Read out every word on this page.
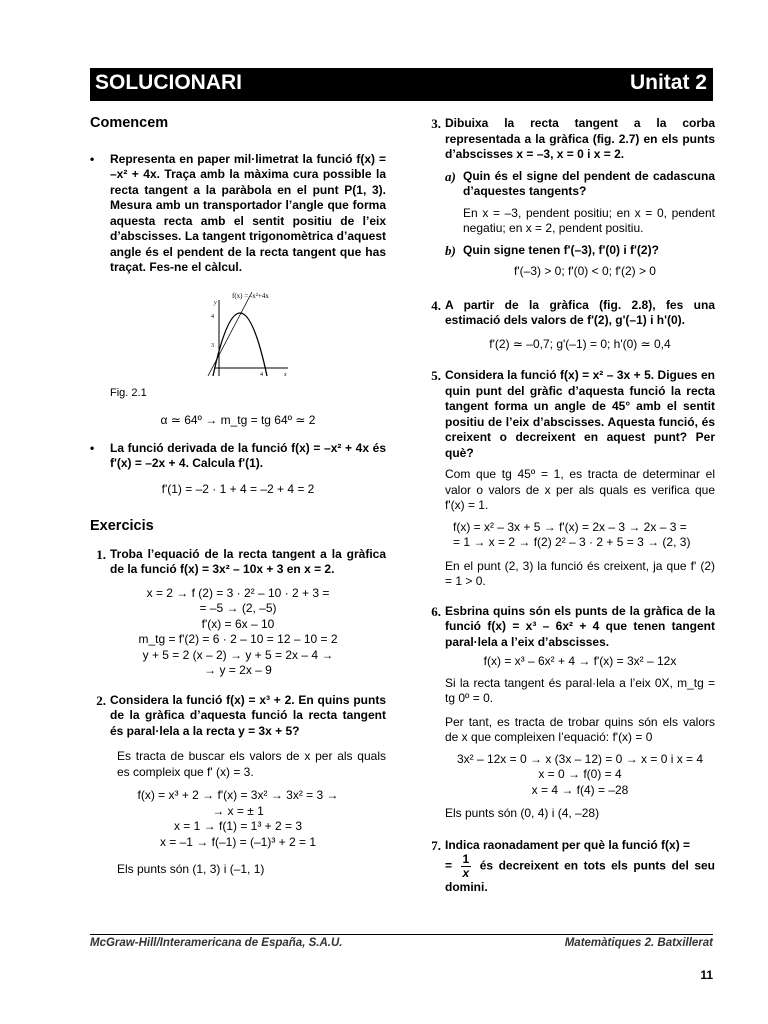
SOLUCIONARI	Unitat 2
Comencem
• Representa en paper mil·limetrat la funció f(x) = –x² + 4x. Traça amb la màxima cura possible la recta tangent a la paràbola en el punt P(1, 3). Mesura amb un transportador l’angle que forma aquesta recta amb el sentit positiu de l’eix d’abscisses. La tangent trigonomètrica d’aquest angle és el pendent de la recta tangent que has traçat. Fes-ne el càlcul.
f(x) = -x²+4x
4
3
4	x
y
Fig. 2.1
α ≃ 64º → m_tg = tg 64º ≃ 2
• La funció derivada de la funció f(x) = –x² + 4x és f'(x) = –2x + 4. Calcula f'(1).
f'(1) = –2 · 1 + 4 = –2 + 4 = 2
Exercicis
1. Troba l’equació de la recta tangent a la gràfica de la funció f(x) = 3x² – 10x + 3 en x = 2.
x = 2 → f (2) = 3 · 2² – 10 · 2 + 3 =
= –5 → (2, –5)
f'(x) = 6x – 10
m_tg = f'(2) = 6 · 2 – 10 = 12 – 10 = 2
y + 5 = 2 (x – 2) → y + 5 = 2x – 4 →
→ y = 2x – 9
2. Considera la funció f(x) = x³ + 2. En quins punts de la gràfica d’aquesta funció la recta tangent és paral·lela a la recta y = 3x + 5?
Es tracta de buscar els valors de x per als quals es compleix que f' (x) = 3.
f(x) = x³ + 2 → f'(x) = 3x² → 3x² = 3 →
→ x = ± 1
x = 1 → f(1) = 1³ + 2 = 3
x = –1 → f(–1) = (–1)³ + 2 = 1
Els punts són (1, 3) i (–1, 1)
3. Dibuixa la recta tangent a la corba representada a la gràfica (fig. 2.7) en els punts d’abscisses x = –3, x = 0 i x = 2.
a) Quin és el signe del pendent de cadascuna d’aquestes tangents?
En x = –3, pendent positiu; en x = 0, pendent negatiu; en x = 2, pendent positiu.
b) Quin signe tenen f'(–3), f'(0) i f'(2)?
f'(–3) > 0; f'(0) < 0; f'(2) > 0
4. A partir de la gràfica (fig. 2.8), fes una estimació dels valors de f'(2), g'(–1) i h'(0).
f'(2) ≃ –0,7; g'(–1) = 0; h'(0) ≃ 0,4
5. Considera la funció f(x) = x² – 3x + 5. Digues en quin punt del gràfic d’aquesta funció la recta tangent forma un angle de 45° amb el sentit positiu de l’eix d’abscisses. Aquesta funció, és creixent o decreixent en aquest punt? Per què?
Com que tg 45º = 1, es tracta de determinar el valor o valors de x per als quals es verifica que f'(x) = 1.
f(x) = x² – 3x + 5 → f'(x) = 2x – 3 → 2x – 3 =
= 1 → x = 2 → f(2) 2² – 3 · 2 + 5 = 3 → (2, 3)
En el punt (2, 3) la funció és creixent, ja que f' (2) = 1 > 0.
6. Esbrina quins són els punts de la gràfica de la funció f(x) = x³ – 6x² + 4 que tenen tangent paral·lela a l’eix d’abscisses.
f(x) = x³ – 6x² + 4 → f'(x) = 3x² – 12x
Si la recta tangent és paral·lela a l’eix 0X, m_tg = tg 0º = 0.
Per tant, es tracta de trobar quins són els valors de x que compleixen l’equació: f'(x) = 0
3x² – 12x = 0 → x (3x – 12) = 0 → x = 0 i x = 4
x = 0 → f(0) = 4
x = 4 → f(4) = –28
Els punts són (0, 4) i (4, –28)
7. Indica raonadament per què la funció f(x) =
= $\frac{1}{x}$ és decreixent en tots els punts del seu domini.
McGraw-Hill/Interamericana de España, S.A.U.	Matemàtiques 2. Batxillerat
11
